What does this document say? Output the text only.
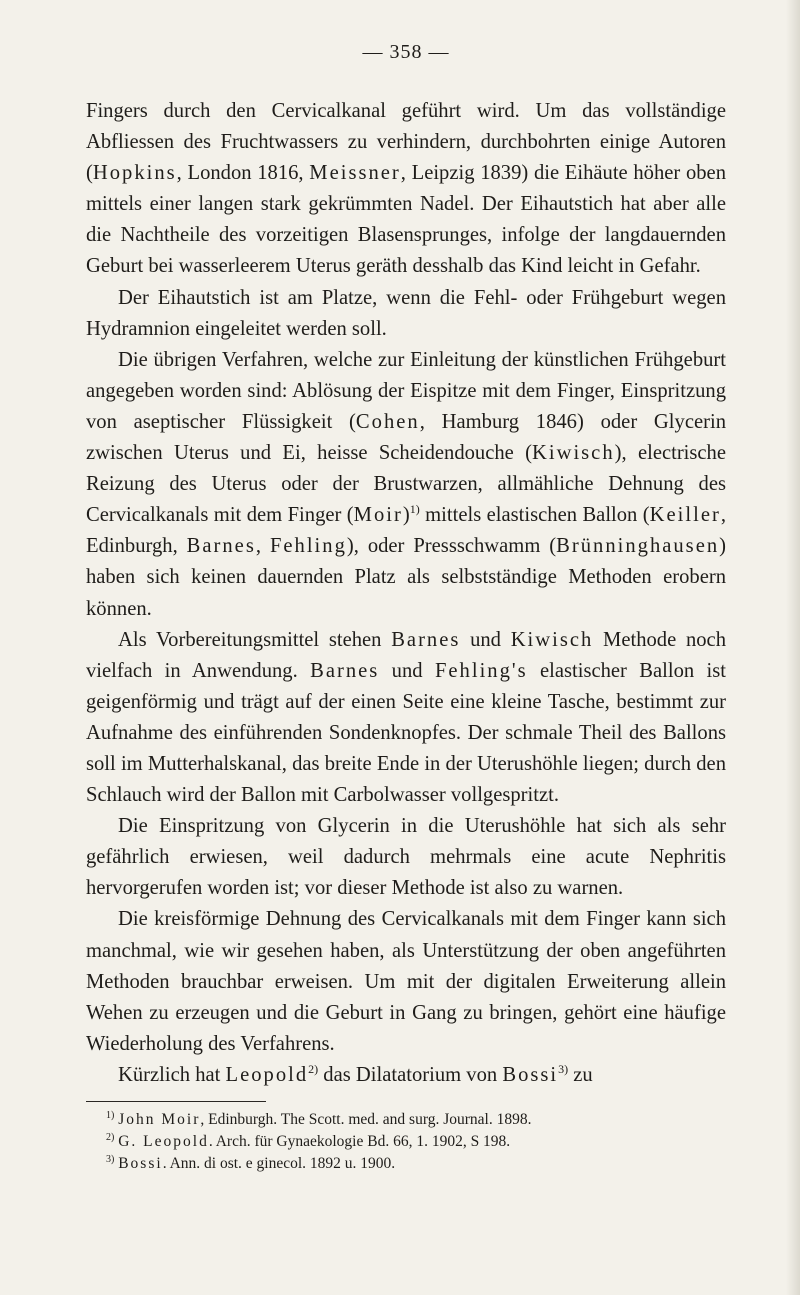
— 358 —

Fingers durch den Cervicalkanal geführt wird. Um das vollständige Abfliessen des Fruchtwassers zu verhindern, durchbohrten einige Autoren (Hopkins, London 1816, Meissner, Leipzig 1839) die Eihäute höher oben mittels einer langen stark gekrümmten Nadel. Der Eihautstich hat aber alle die Nachtheile des vorzeitigen Blasensprunges, infolge der langdauernden Geburt bei wasserleerem Uterus geräth desshalb das Kind leicht in Gefahr.

Der Eihautstich ist am Platze, wenn die Fehl- oder Frühgeburt wegen Hydramnion eingeleitet werden soll.

Die übrigen Verfahren, welche zur Einleitung der künstlichen Frühgeburt angegeben worden sind: Ablösung der Eispitze mit dem Finger, Einspritzung von aseptischer Flüssigkeit (Cohen, Hamburg 1846) oder Glycerin zwischen Uterus und Ei, heisse Scheidendouche (Kiwisch), electrische Reizung des Uterus oder der Brustwarzen, allmähliche Dehnung des Cervicalkanals mit dem Finger (Moir)$^{1)}$ mittels elastischen Ballon (Keiller, Edinburgh, Barnes, Fehling), oder Pressschwamm (Brünninghausen) haben sich keinen dauernden Platz als selbstständige Methoden erobern können.

Als Vorbereitungsmittel stehen Barnes und Kiwisch Methode noch vielfach in Anwendung. Barnes und Fehling's elastischer Ballon ist geigenförmig und trägt auf der einen Seite eine kleine Tasche, bestimmt zur Aufnahme des einführenden Sondenknopfes. Der schmale Theil des Ballons soll im Mutterhalskanal, das breite Ende in der Uterushöhle liegen; durch den Schlauch wird der Ballon mit Carbolwasser vollgespritzt.

Die Einspritzung von Glycerin in die Uterushöhle hat sich als sehr gefährlich erwiesen, weil dadurch mehrmals eine acute Nephritis hervorgerufen worden ist; vor dieser Methode ist also zu warnen.

Die kreisförmige Dehnung des Cervicalkanals mit dem Finger kann sich manchmal, wie wir gesehen haben, als Unterstützung der oben angeführten Methoden brauchbar erweisen. Um mit der digitalen Erweiterung allein Wehen zu erzeugen und die Geburt in Gang zu bringen, gehört eine häufige Wiederholung des Verfahrens.

Kürzlich hat Leopold$^{2)}$ das Dilatatorium von Bossi$^{3)}$ zu

$^{1)}$ John Moir, Edinburgh. The Scott. med. and surg. Journal. 1898.

$^{2)}$ G. Leopold. Arch. für Gynaekologie Bd. 66, 1. 1902, S 198.

$^{3)}$ Bossi. Ann. di ost. e ginecol. 1892 u. 1900.
